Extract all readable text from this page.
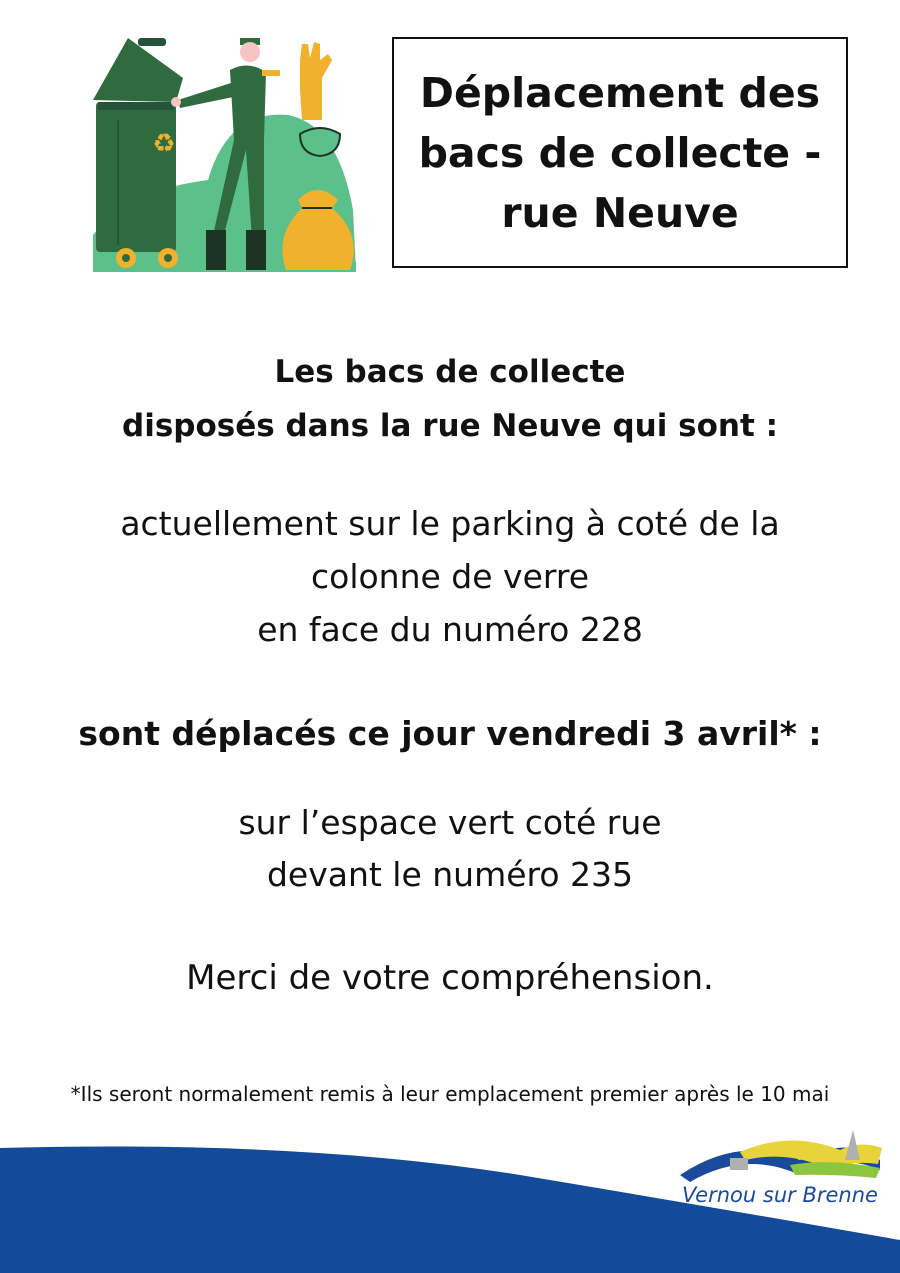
♻
Déplacement des
bacs de collecte -
rue Neuve
Les bacs de collecte
disposés dans la rue Neuve qui sont :
actuellement sur le parking à coté de la
colonne de verre
en face du numéro 228
sont déplacés ce jour vendredi 3 avril* :
sur l’espace vert coté rue
devant le numéro 235
Merci de votre compréhension.
*Ils seront normalement remis à leur emplacement premier après le 10 mai
Vernou sur Brenne
